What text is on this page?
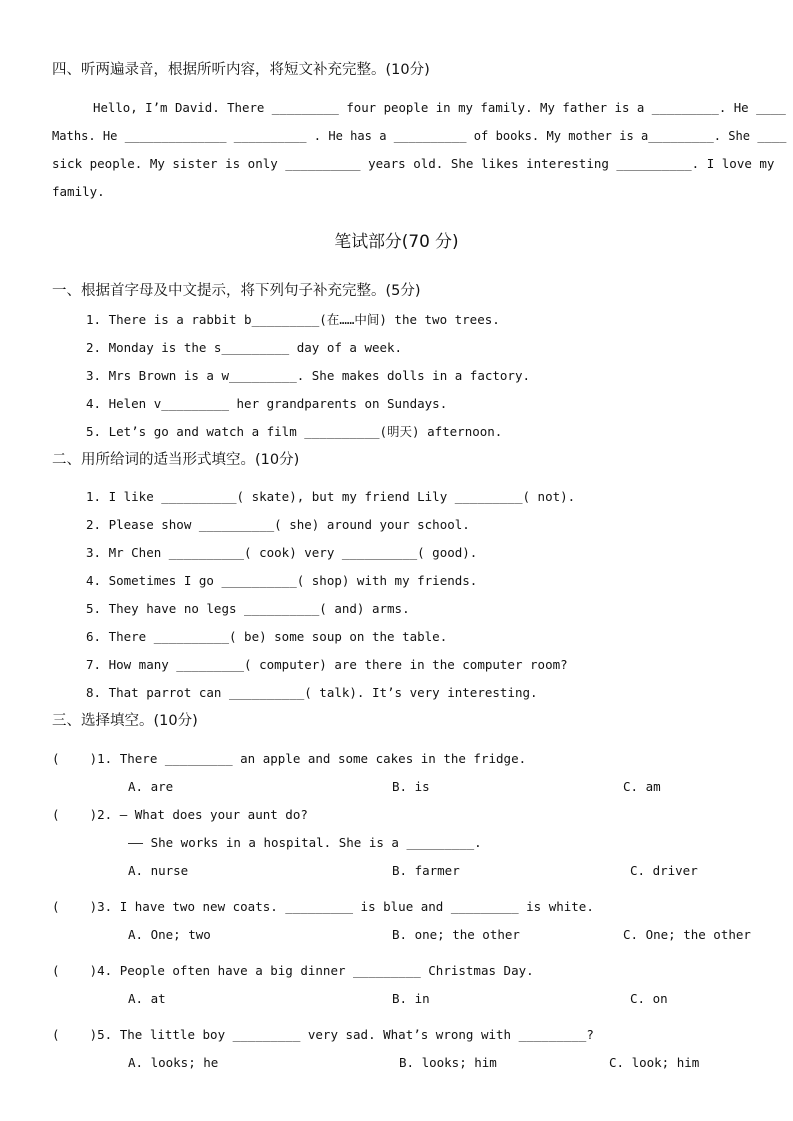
四、听两遍录音，根据所听内容，将短文补充完整。(10分)
Hello, I’m David. There _________ four people in my family. My father is a _________. He ____
Maths. He ______________ __________ . He has a __________ of books. My mother is a_________. She ____
sick people. My sister is only __________ years old. She likes interesting __________. I love my
family.
笔试部分(70 分)
一、根据首字母及中文提示，将下列句子补充完整。(5分)
1. There is a rabbit b_________(在……中间) the two trees.
2. Monday is the s_________ day of a week.
3. Mrs Brown is a w_________. She makes dolls in a factory.
4. Helen v_________ her grandparents on Sundays.
5. Let’s go and watch a film __________(明天) afternoon.
二、用所给词的适当形式填空。(10分)
1. I like __________( skate), but my friend Lily _________( not).
2. Please show __________( she) around your school.
3. Mr Chen __________( cook) very __________( good).
4. Sometimes I go __________( shop) with my friends.
5. They have no legs __________( and) arms.
6. There __________( be) some soup on the table.
7. How many _________( computer) are there in the computer room?
8. That parrot can __________( talk). It’s very interesting.
三、选择填空。(10分)
(    )1. There _________ an apple and some cakes in the fridge.
A. are	B. is	C. am
(    )2. — What does your aunt do?
—— She works in a hospital. She is a _________.
A. nurse	B. farmer	C. driver
(    )3. I have two new coats. _________ is blue and _________ is white.
A. One; two	B. one; the other	C. One; the other
(    )4. People often have a big dinner _________ Christmas Day.
A. at	B. in	C. on
(    )5. The little boy _________ very sad. What’s wrong with _________?
A. looks; he	B. looks; him	C. look; him
